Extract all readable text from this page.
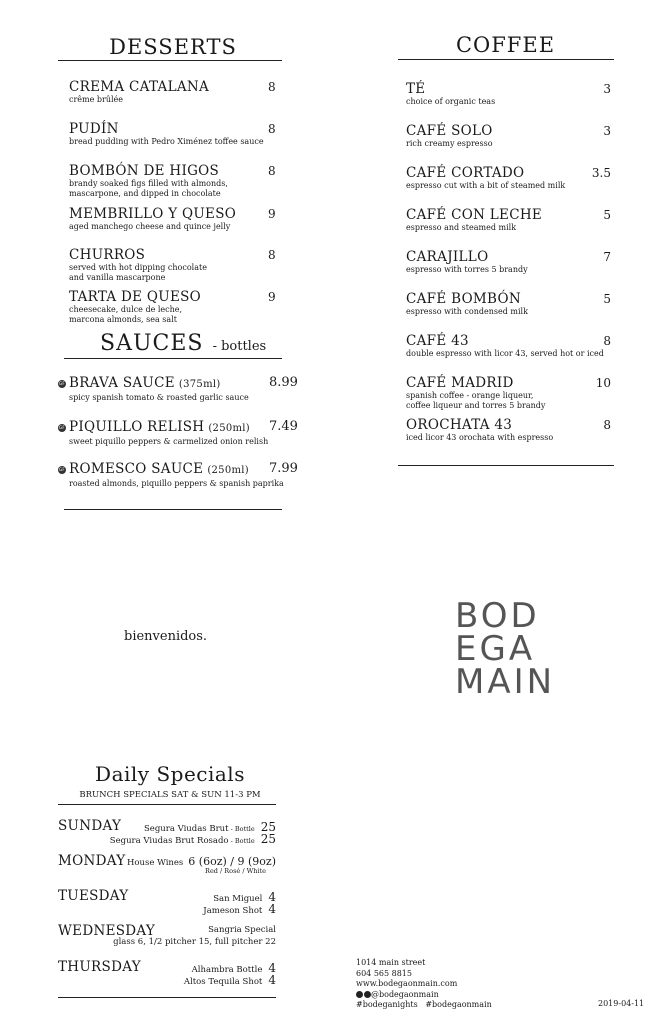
DESSERTS
CREMA CATALANA
crême brûlée
8
PUDÍN
bread pudding with Pedro Ximénez toffee sauce
8
BOMBÓN DE HIGOS
brandy soaked figs filled with almonds,
mascarpone, and dipped in chocolate
8
MEMBRILLO Y QUESO
aged manchego cheese and quince jelly
9
CHURROS
served with hot dipping chocolate
and vanilla mascarpone
8
TARTA DE QUESO
cheesecake, dulce de leche,
marcona almonds, sea salt
9
SAUCES - bottles
GF BRAVA SAUCE (375ml)
spicy spanish tomato & roasted garlic sauce
8.99
GF PIQUILLO RELISH (250ml)
sweet piquillo peppers & carmelized onion relish
7.49
GF ROMESCO SAUCE (250ml)
roasted almonds, piquillo peppers & spanish paprika
7.99
COFFEE
TÉ
choice of organic teas
3
CAFÉ SOLO
rich creamy espresso
3
CAFÉ CORTADO
espresso cut with a bit of steamed milk
3.5
CAFÉ CON LECHE
espresso and steamed milk
5
CARAJILLO
espresso with torres 5 brandy
7
CAFÉ BOMBÓN
espresso with condensed milk
5
CAFÉ 43
double espresso with licor 43, served hot or iced
8
CAFÉ MADRID
spanish coffee - orange liqueur,
coffee liqueur and torres 5 brandy
10
OROCHATA 43
iced licor 43 orochata with espresso
8
bienvenidos.
BOD
EGA
MAIN
Daily Specials
BRUNCH SPECIALS SAT & SUN 11-3 PM
SUNDAY	Segura Viudas Brut - Bottle 25
Segura Viudas Brut Rosado - Bottle 25
MONDAY House Wines 6 (6oz) / 9 (9oz)
Red / Rosé / White
TUESDAY	San Miguel 4
Jameson Shot 4
WEDNESDAY	Sangria Special
glass 6, 1/2 pitcher 15, full pitcher 22
THURSDAY	Alhambra Bottle 4
Altos Tequila Shot 4
1014 main street
604 565 8815
www.bodegaonmain.com
@bodegaonmain
#bodeganights   #bodegaonmain	2019-04-11
